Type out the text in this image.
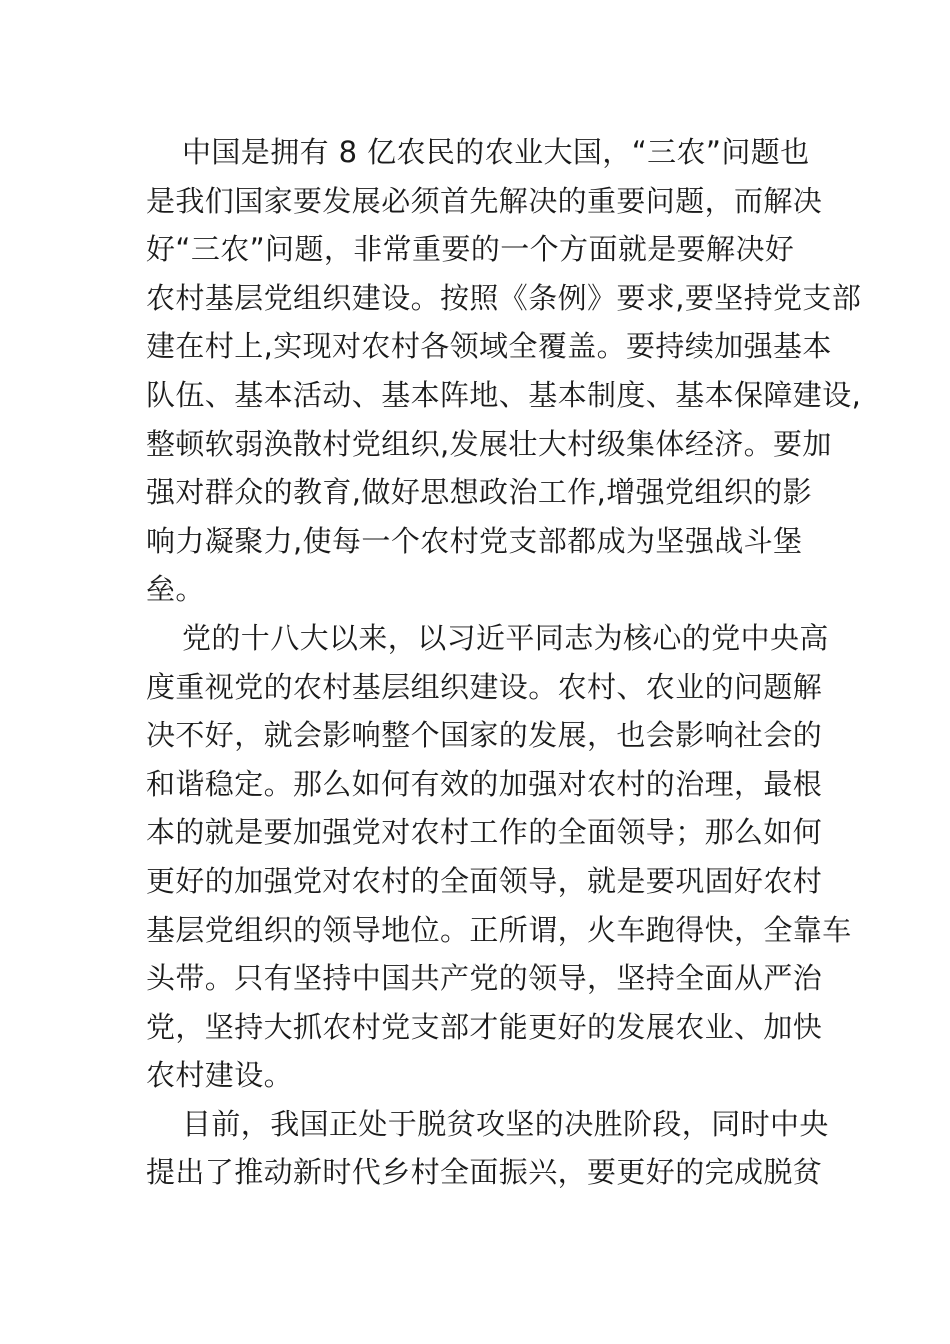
中国是拥有 8 亿农民的农业大国，“三农”问题也
是我们国家要发展必须首先解决的重要问题，而解决
好“三农”问题，非常重要的一个方面就是要解决好
农村基层党组织建设。按照《条例》要求,要坚持党支部
建在村上,实现对农村各领域全覆盖。要持续加强基本
队伍、基本活动、基本阵地、基本制度、基本保障建设,
整顿软弱涣散村党组织,发展壮大村级集体经济。要加
强对群众的教育,做好思想政治工作,增强党组织的影
响力凝聚力,使每一个农村党支部都成为坚强战斗堡
垒。
党的十八大以来，以习近平同志为核心的党中央高
度重视党的农村基层组织建设。农村、农业的问题解
决不好，就会影响整个国家的发展，也会影响社会的
和谐稳定。那么如何有效的加强对农村的治理，最根
本的就是要加强党对农村工作的全面领导；那么如何
更好的加强党对农村的全面领导，就是要巩固好农村
基层党组织的领导地位。正所谓，火车跑得快，全靠车
头带。只有坚持中国共产党的领导，坚持全面从严治
党，坚持大抓农村党支部才能更好的发展农业、加快
农村建设。
目前，我国正处于脱贫攻坚的决胜阶段，同时中央
提出了推动新时代乡村全面振兴，要更好的完成脱贫
